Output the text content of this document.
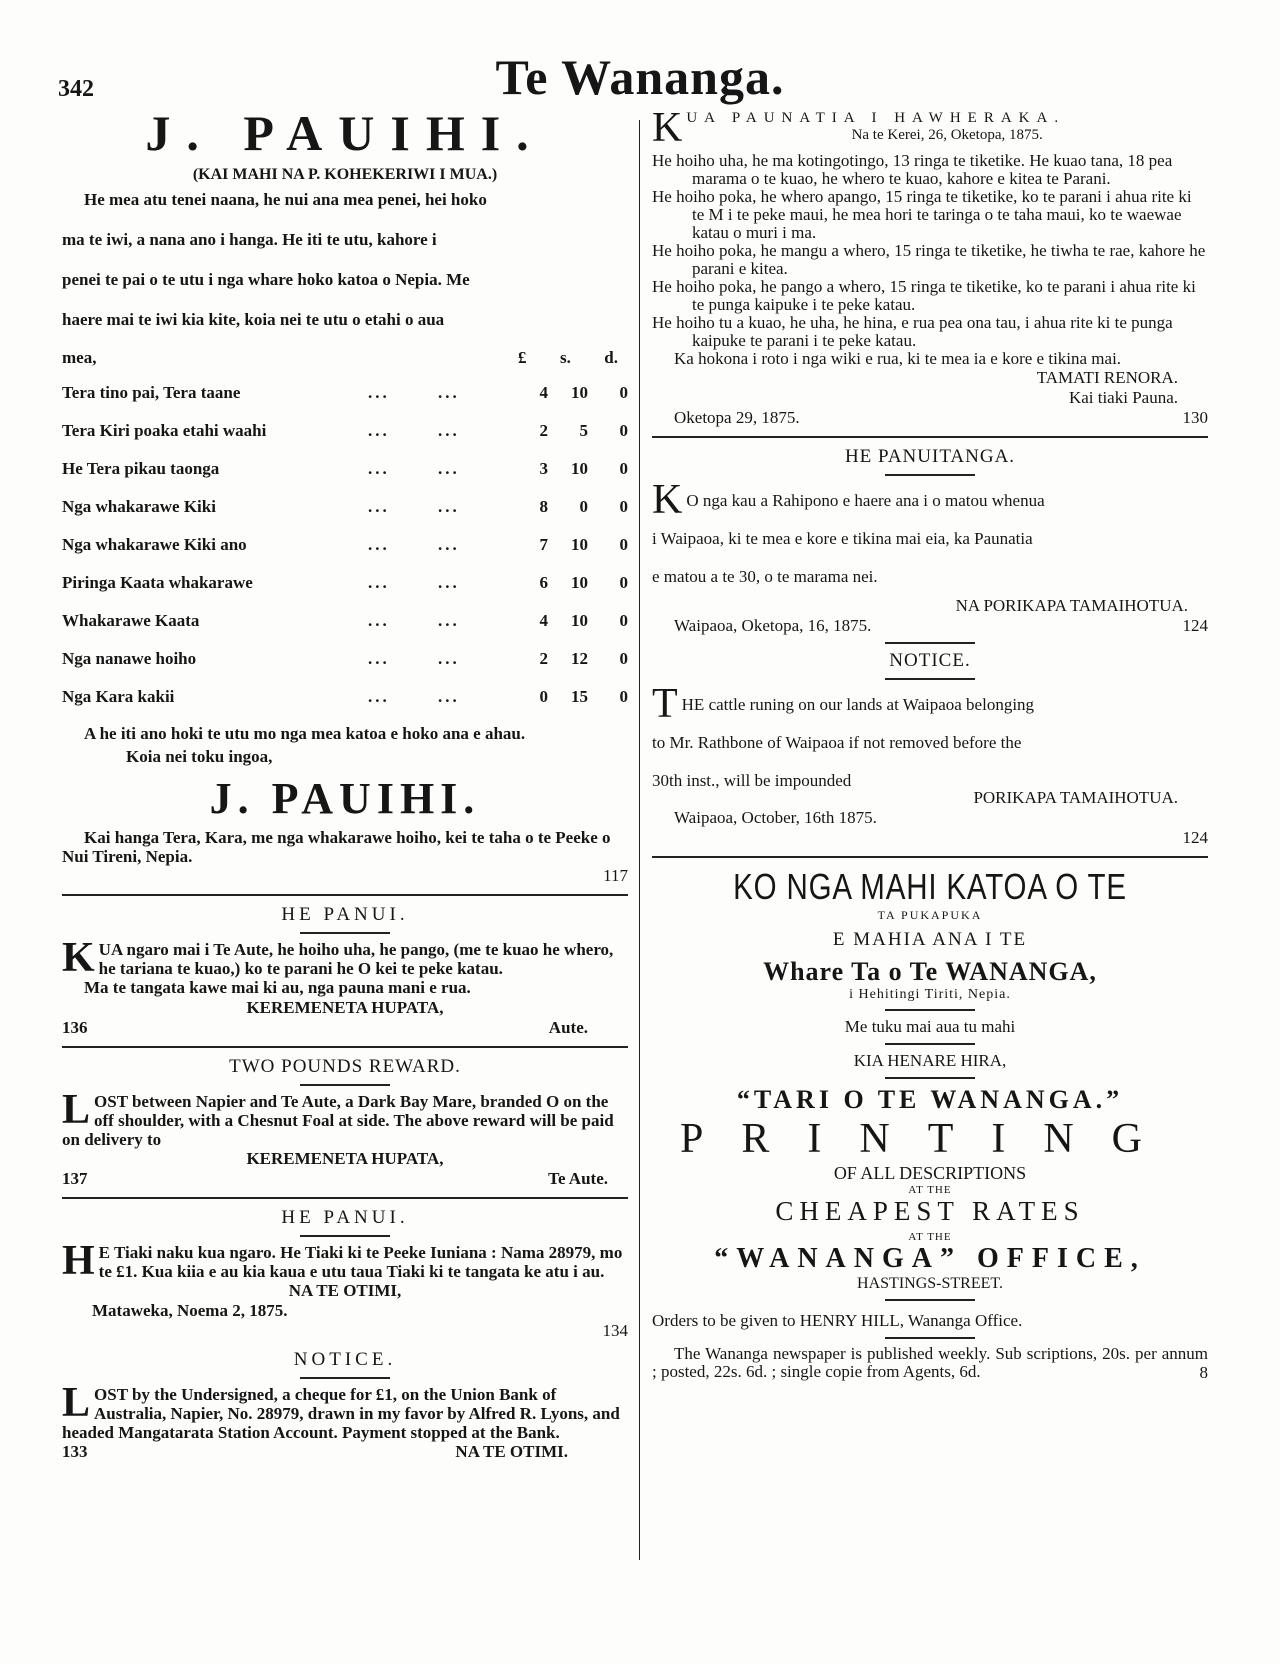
342	Te Wananga.
J. PAUIHI.
(KAI MAHI NA P. KOHEKERIWI I MUA.)

He mea atu tenei naana, he nui ana mea penei, hei hoko

ma te iwi, a nana ano i hanga. He iti te utu, kahore i

penei te pai o te utu i nga whare hoko katoa o Nepia. Me

haere mai te iwi kia kite, koia nei te utu o etahi o aua

mea,	£ s. d.
Tera tino pai, Tera taane	...	...	4	10	0
Tera Kiri poaka etahi waahi	...	...	2	5	0
He Tera pikau taonga	...	...	3	10	0
Nga whakarawe Kiki	...	...	8	0	0
Nga whakarawe Kiki ano	...	...	7	10	0
Piringa Kaata whakarawe	...	...	6	10	0
Whakarawe Kaata	...	...	4	10	0
Nga nanawe hoiho	...	...	2	12	0
Nga Kara kakii	...	...	0	15	0

A he iti ano hoki te utu mo nga mea katoa e hoko ana e ahau.

Koia nei toku ingoa,

J. PAUIHI.

Kai hanga Tera, Kara, me nga whakarawe hoiho, kei te taha o te Peeke o Nui Tireni, Nepia.

117

HE PANUI.
K UA ngaro mai i Te Aute, he hoiho uha, he pango, (me te kuao he whero, he tariana te kuao,) ko te parani he O kei te peke katau.

Ma te tangata kawe mai ki au, nga pauna mani e rua.

KEREMENETA HUPATA,

136	Aute.
TWO POUNDS REWARD.
L OST between Napier and Te Aute, a Dark Bay Mare, branded O on the off shoulder, with a Chesnut Foal at side. The above reward will be paid on delivery to

KEREMENETA HUPATA,

137	Te Aute.
HE PANUI.
H E Tiaki naku kua ngaro. He Tiaki ki te Peeke Iuniana : Nama 28979, mo te £1. Kua kiia e au kia kaua e utu taua Tiaki ki te tangata ke atu i au.

NA TE OTIMI,

Mataweka, Noema 2, 1875.

134

NOTICE.
L OST by the Undersigned, a cheque for £1, on the Union Bank of Australia, Napier, No. 28979, drawn in my favor by Alfred R. Lyons, and headed Mangatarata Station Account. Payment stopped at the Bank.
133	NA TE OTIMI.
K UA PAUNATIA I HAWHERAKA.

Na te Kerei, 26, Oketopa, 1875.

He hoiho uha, he ma kotingotingo, 13 ringa te tiketike. He kuao tana, 18 pea marama o te kuao, he whero te kuao, kahore e kitea te Parani.

He hoiho poka, he whero apango, 15 ringa te tiketike, ko te parani i ahua rite ki te M i te peke maui, he mea hori te taringa o te taha maui, ko te waewae katau o muri i ma.

He hoiho poka, he mangu a whero, 15 ringa te tiketike, he tiwha te rae, kahore he parani e kitea.

He hoiho poka, he pango a whero, 15 ringa te tiketike, ko te parani i ahua rite ki te punga kaipuke i te peke katau.

He hoiho tu a kuao, he uha, he hina, e rua pea ona tau, i ahua rite ki te punga kaipuke te parani i te peke katau.

Ka hokona i roto i nga wiki e rua, ki te mea ia e kore e tikina mai.

TAMATI RENORA.

Kai tiaki Pauna.

Oketopa 29, 1875.	130
HE PANUITANGA.
K O nga kau a Rahipono e haere ana i o matou whenua

i Waipaoa, ki te mea e kore e tikina mai eia, ka Paunatia

e matou a te 30, o te marama nei.

NA PORIKAPA TAMAIHOTUA.

Waipaoa, Oketopa, 16, 1875.	124
NOTICE.
T HE cattle runing on our lands at Waipaoa belonging

to Mr. Rathbone of Waipaoa if not removed before the

30th inst., will be impounded

PORIKAPA TAMAIHOTUA.

Waipaoa, October, 16th 1875.

124

KO NGA MAHI KATOA O TE

TA PUKAPUKA

E MAHIA ANA I TE

Whare Ta o Te WANANGA,

i Hehitingi Tiriti, Nepia.

Me tuku mai aua tu mahi

KIA HENARE HIRA,

“TARI O TE WANANGA.”

PRINTING

OF ALL DESCRIPTIONS

AT THE

CHEAPEST RATES

AT THE

“WANANGA” OFFICE,

HASTINGS-STREET.

Orders to be given to HENRY HILL, Wananga Office.

The Wananga newspaper is published weekly. Sub scriptions, 20s. per annum ; posted, 22s. 6d. ; single copie from Agents, 6d.	8
